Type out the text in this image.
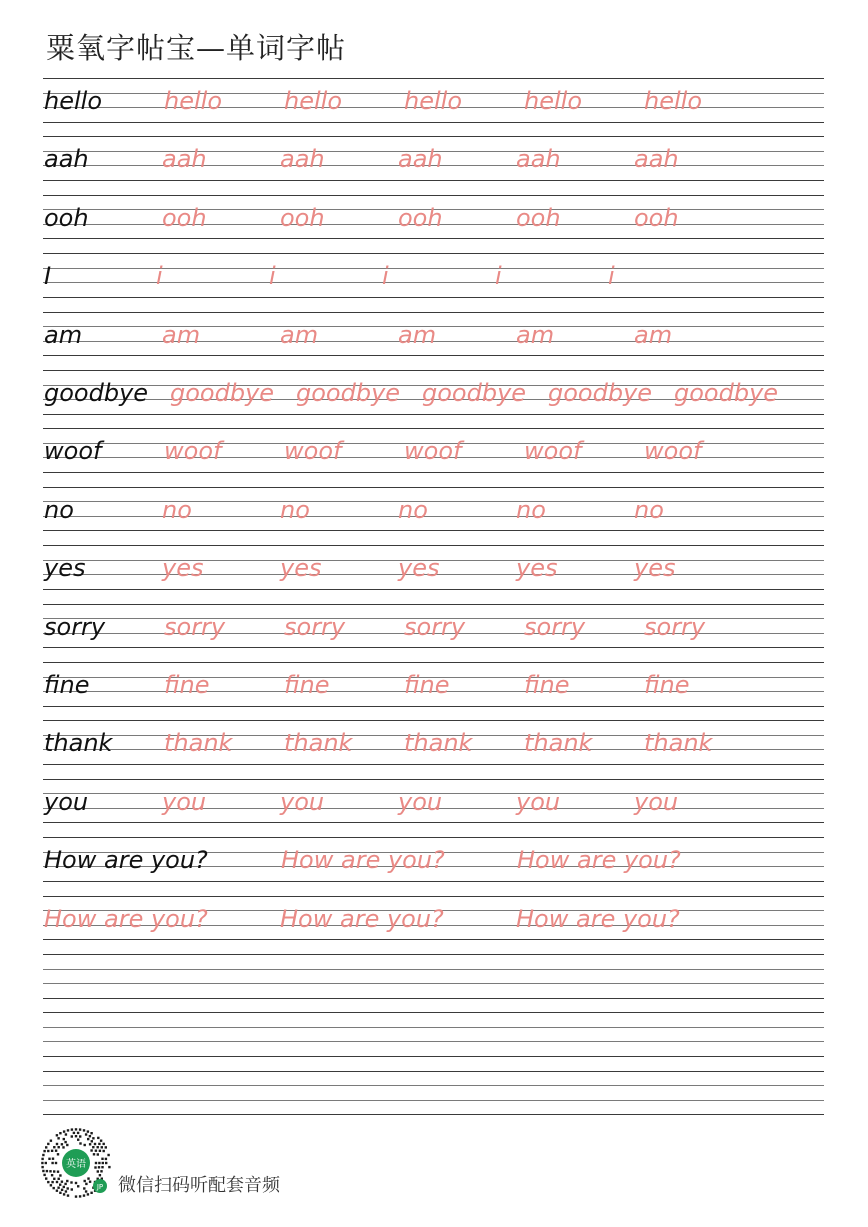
粟氧字帖宝—单词字帖
hello	hello	hello	hello	hello	hello
aah	aah	aah	aah	aah	aah
ooh	ooh	ooh	ooh	ooh	ooh
I	i	i	i	i	i
am	am	am	am	am	am
goodbye goodbye goodbye goodbye goodbye goodbye
woof	woof	woof	woof	woof	woof
no	no	no	no	no	no
yes	yes	yes	yes	yes	yes
sorry sorry sorry sorry sorry sorry
fine	fine	fine	fine	fine	fine
thank thank thank thank thank thank
you	you	you	you	you	you
How are you?	How are you?	How are you?
How are you?	How are you?	How are you?
英语
JP 微信扫码听配套音频
